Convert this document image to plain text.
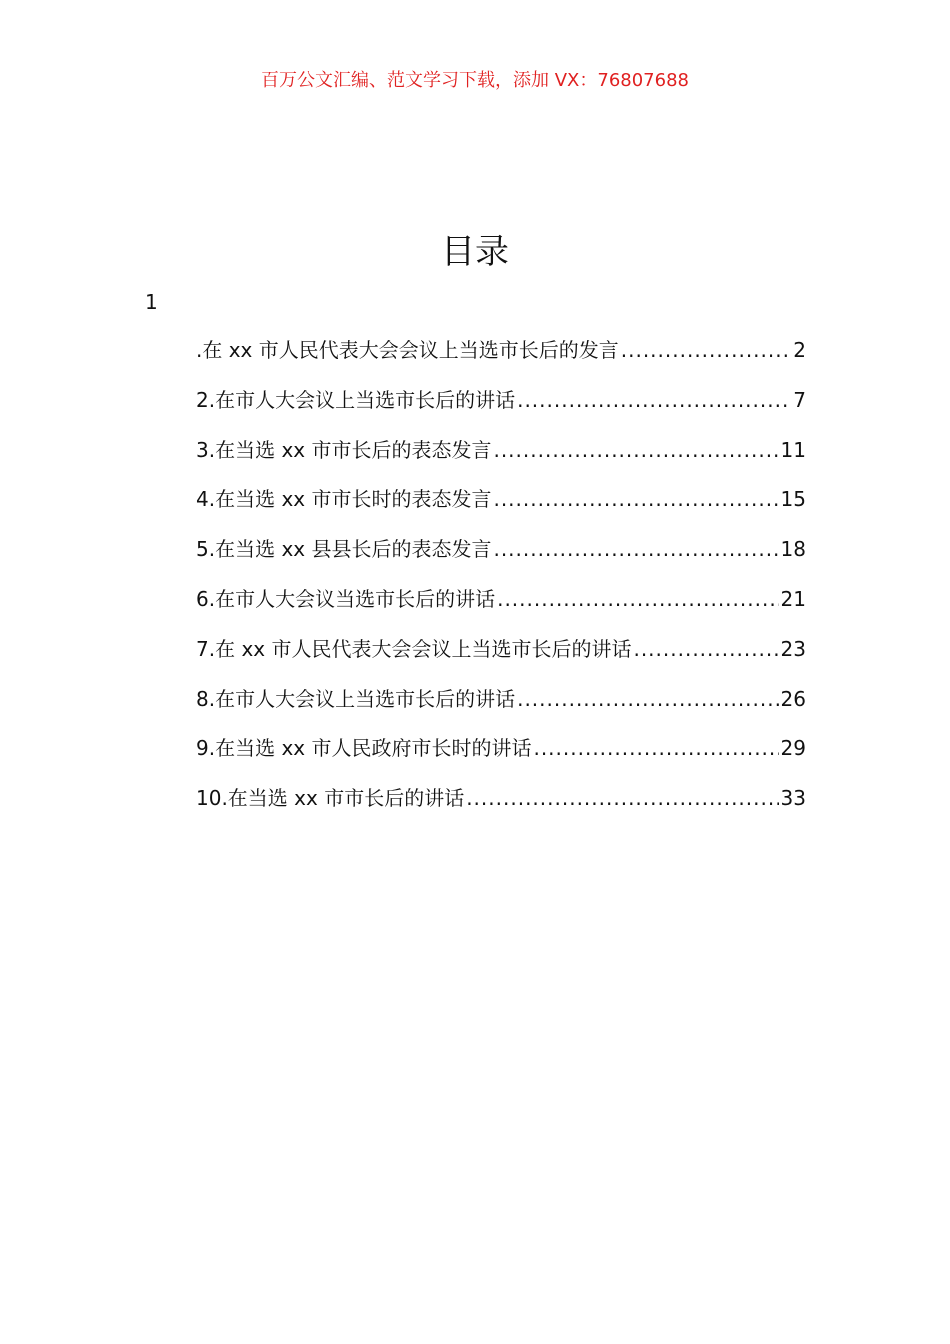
百万公文汇编、范文学习下载，添加 VX：76807688
目录
1
.在 xx 市人民代表大会会议上当选市长后的发言 .....	2
2.在市人大会议上当选市长后的讲话 .....	7
3.在当选 xx 市市长后的表态发言 .....	11
4.在当选 xx 市市长时的表态发言 .....	15
5.在当选 xx 县县长后的表态发言 .....	18
6.在市人大会议当选市长后的讲话 .....	21
7.在 xx 市人民代表大会会议上当选市长后的讲话 .....	23
8.在市人大会议上当选市长后的讲话 .....	26
9.在当选 xx 市人民政府市长时的讲话 .....	29
10.在当选 xx 市市长后的讲话 .....	33
